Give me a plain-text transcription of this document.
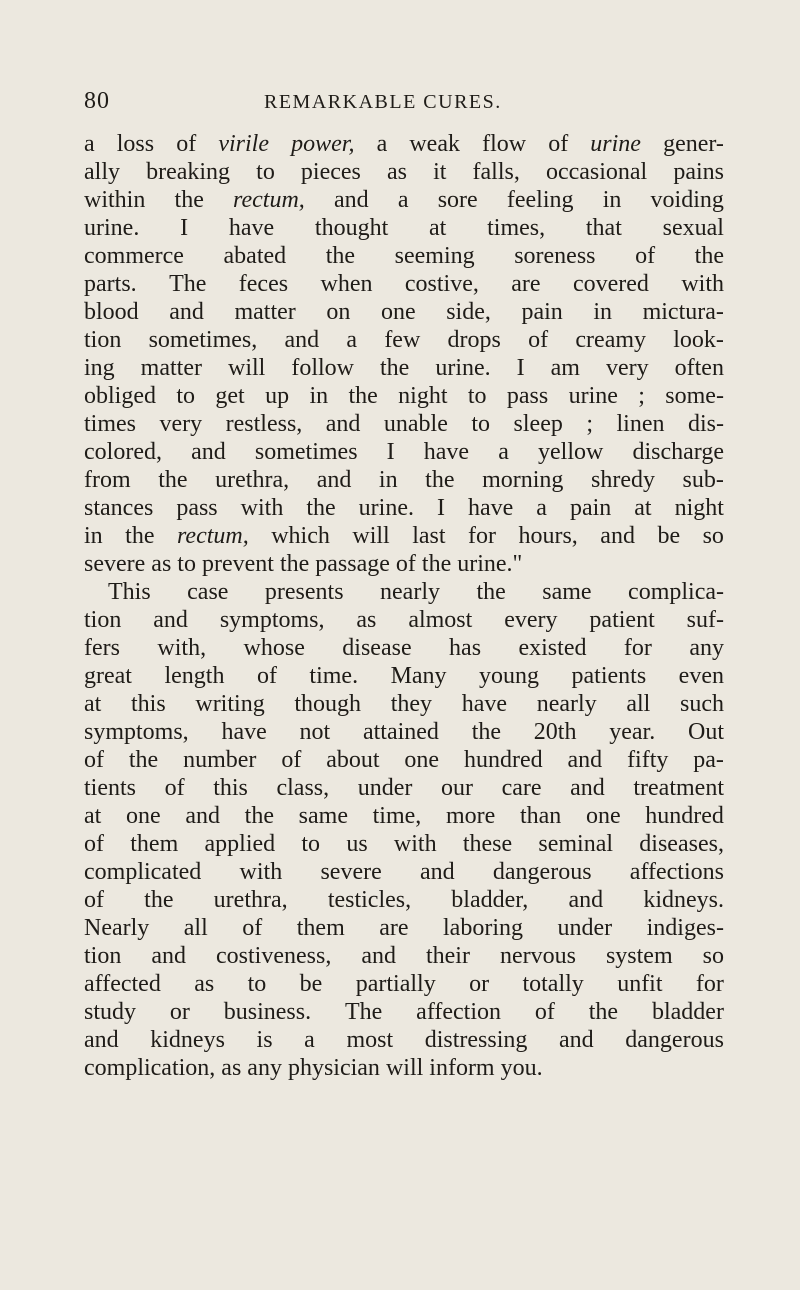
80	REMARKABLE CURES.
a loss of virile power, a weak flow of urine gener-
ally breaking to pieces as it falls, occasional pains
within the rectum, and a sore feeling in voiding
urine. I have thought at times, that sexual
commerce abated the seeming soreness of the
parts. The feces when costive, are covered with
blood and matter on one side, pain in mictura-
tion sometimes, and a few drops of creamy look-
ing matter will follow the urine. I am very often
obliged to get up in the night to pass urine ; some-
times very restless, and unable to sleep ; linen dis-
colored, and sometimes I have a yellow discharge
from the urethra, and in the morning shredy sub-
stances pass with the urine. I have a pain at night
in the rectum, which will last for hours, and be so
severe as to prevent the passage of the urine."
This case presents nearly the same complica-
tion and symptoms, as almost every patient suf-
fers with, whose disease has existed for any
great length of time. Many young patients even
at this writing though they have nearly all such
symptoms, have not attained the 20th year. Out
of the number of about one hundred and fifty pa-
tients of this class, under our care and treatment
at one and the same time, more than one hundred
of them applied to us with these seminal diseases,
complicated with severe and dangerous affections
of the urethra, testicles, bladder, and kidneys.
Nearly all of them are laboring under indiges-
tion and costiveness, and their nervous system so
affected as to be partially or totally unfit for
study or business. The affection of the bladder
and kidneys is a most distressing and dangerous
complication, as any physician will inform you.
